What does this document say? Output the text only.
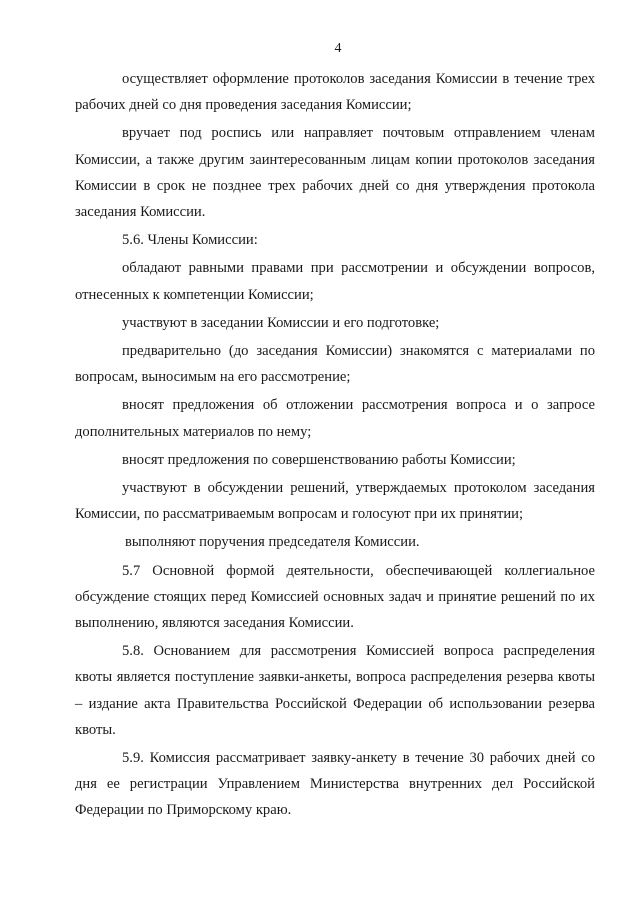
4

осуществляет оформление протоколов заседания Комиссии в течение трех рабочих дней со дня проведения заседания Комиссии;

вручает под роспись или направляет почтовым отправлением членам Комиссии, а также другим заинтересованным лицам копии протоколов заседания Комиссии в срок не позднее трех рабочих дней со дня утверждения протокола заседания Комиссии.

5.6. Члены Комиссии:

обладают равными правами при рассмотрении и обсуждении вопросов, отнесенных к компетенции Комиссии;

участвуют в заседании Комиссии и его подготовке;

предварительно (до заседания Комиссии) знакомятся с материалами по вопросам, выносимым на его рассмотрение;

вносят предложения об отложении рассмотрения вопроса и о запросе дополнительных материалов по нему;

вносят предложения по совершенствованию работы Комиссии;

участвуют в обсуждении решений, утверждаемых протоколом заседания Комиссии, по рассматриваемым вопросам и голосуют при их принятии;

выполняют поручения председателя Комиссии.

5.7 Основной формой деятельности, обеспечивающей коллегиальное обсуждение стоящих перед Комиссией основных задач и принятие решений по их выполнению, являются заседания Комиссии.

5.8. Основанием для рассмотрения Комиссией вопроса распределения квоты является поступление заявки-анкеты, вопроса распределения резерва квоты – издание акта Правительства Российской Федерации об использовании резерва квоты.

5.9. Комиссия рассматривает заявку-анкету в течение 30 рабочих дней со дня ее регистрации Управлением Министерства внутренних дел Российской Федерации по Приморскому краю.
